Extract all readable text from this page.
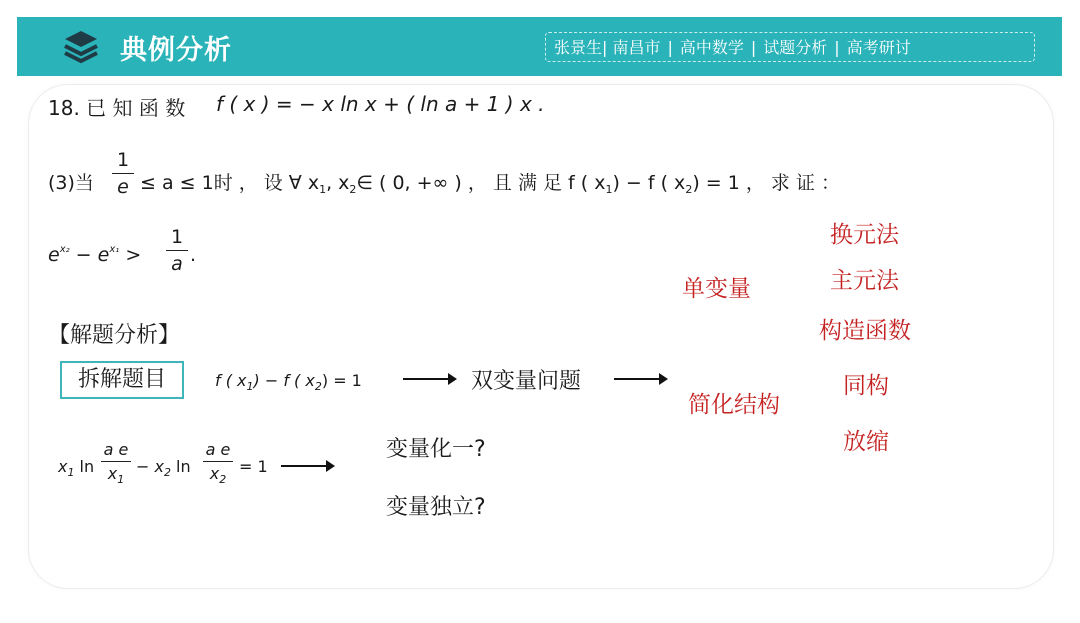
典例分析	张景生| 南昌市 | 高中数学 | 试题分析 | 高考研讨
18. 已 知 函 数 f ( x ) = − x ln x + ( ln a + 1 ) x .
(3)当
1
e ≤ a ≤ 1时 ， 设 ∀ $x_1$, $x_2\in$ ( 0, +∞ ) ， 且 满 足 f ( $x_1) - f$ ( $x_2) = 1$ ， 求 证 ：
$e^{x_2} - e^{x_1}$ >
1
a .
【解题分析】
拆解题目	f ( $x_1) - f$ ( $x_2) = 1$	双变量问题
$x_1$ ln
a e
$x_1$
− $x_2$ ln
a e
$x_2$
= 1
变量化一?
变量独立?
单变量
简化结构
换元法
主元法
构造函数
同构
放缩
